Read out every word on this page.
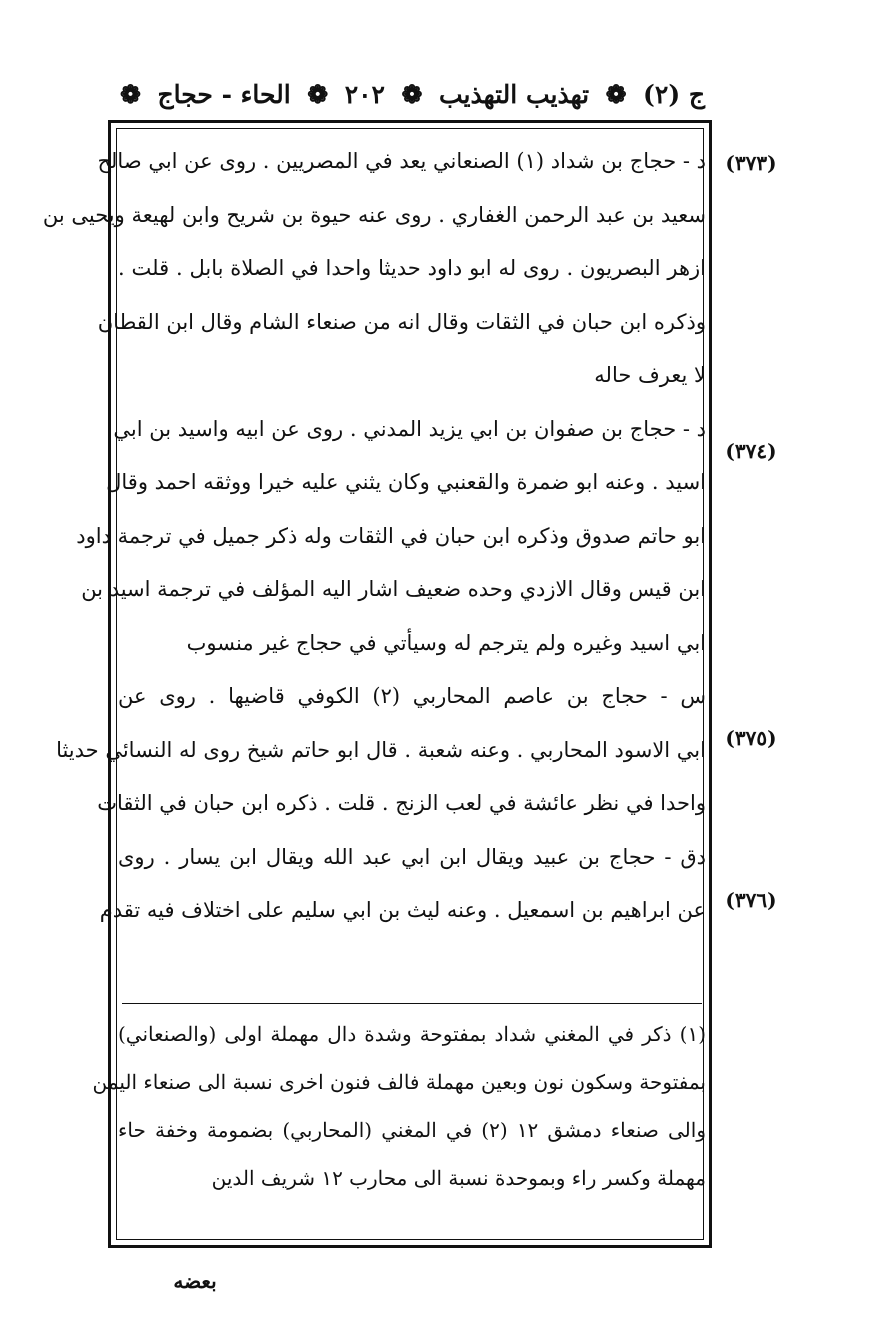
ج (٢)
❁
تهذيب التهذيب
❁
٢٠٢
❁
الحاء - حجاج
❁
(٣٧٣)
(٣٧٤)
(٣٧٥)
(٣٧٦)
د - حجاج بن شداد (١) الصنعاني يعد في المصريين . روى عن ابي صالح
سعيد بن عبد الرحمن الغفاري . روى عنه حيوة بن شريح وابن لهيعة ويحيى بن
ازهر البصريون . روى له ابو داود حديثا واحدا في الصلاة بابل . قلت .
وذكره ابن حبان في الثقات وقال انه من صنعاء الشام وقال ابن القطان
لا يعرف حاله
د - حجاج بن صفوان بن ابي يزيد المدني . روى عن ابيه واسيد بن ابي
اسيد . وعنه ابو ضمرة والقعنبي وكان يثني عليه خيرا ووثقه احمد وقال
ابو حاتم صدوق وذكره ابن حبان في الثقات وله ذكر جميل في ترجمة داود
ابن قيس وقال الازدي وحده ضعيف اشار اليه المؤلف في ترجمة اسيد بن
ابي اسيد وغيره ولم يترجم له وسيأتي في حجاج غير منسوب
س - حجاج بن عاصم المحاربي (٢) الكوفي قاضيها . روى عن
ابي الاسود المحاربي . وعنه شعبة . قال ابو حاتم شيخ روى له النسائي حديثا
واحدا في نظر عائشة في لعب الزنج . قلت . ذكره ابن حبان في الثقات
دق - حجاج بن عبيد ويقال ابن ابي عبد الله ويقال ابن يسار . روى
عن ابراهيم بن اسمعيل . وعنه ليث بن ابي سليم على اختلاف فيه تقدم
(١) ذكر في المغني شداد بمفتوحة وشدة دال مهملة اولى (والصنعاني)
بمفتوحة وسكون نون وبعين مهملة فالف فنون اخرى نسبة الى صنعاء اليمن
والى صنعاء دمشق ١٢ (٢) في المغني (المحاربي) بضمومة وخفة حاء
مهملة وكسر راء وبموحدة نسبة الى محارب ١٢ شريف الدين
بعضه
